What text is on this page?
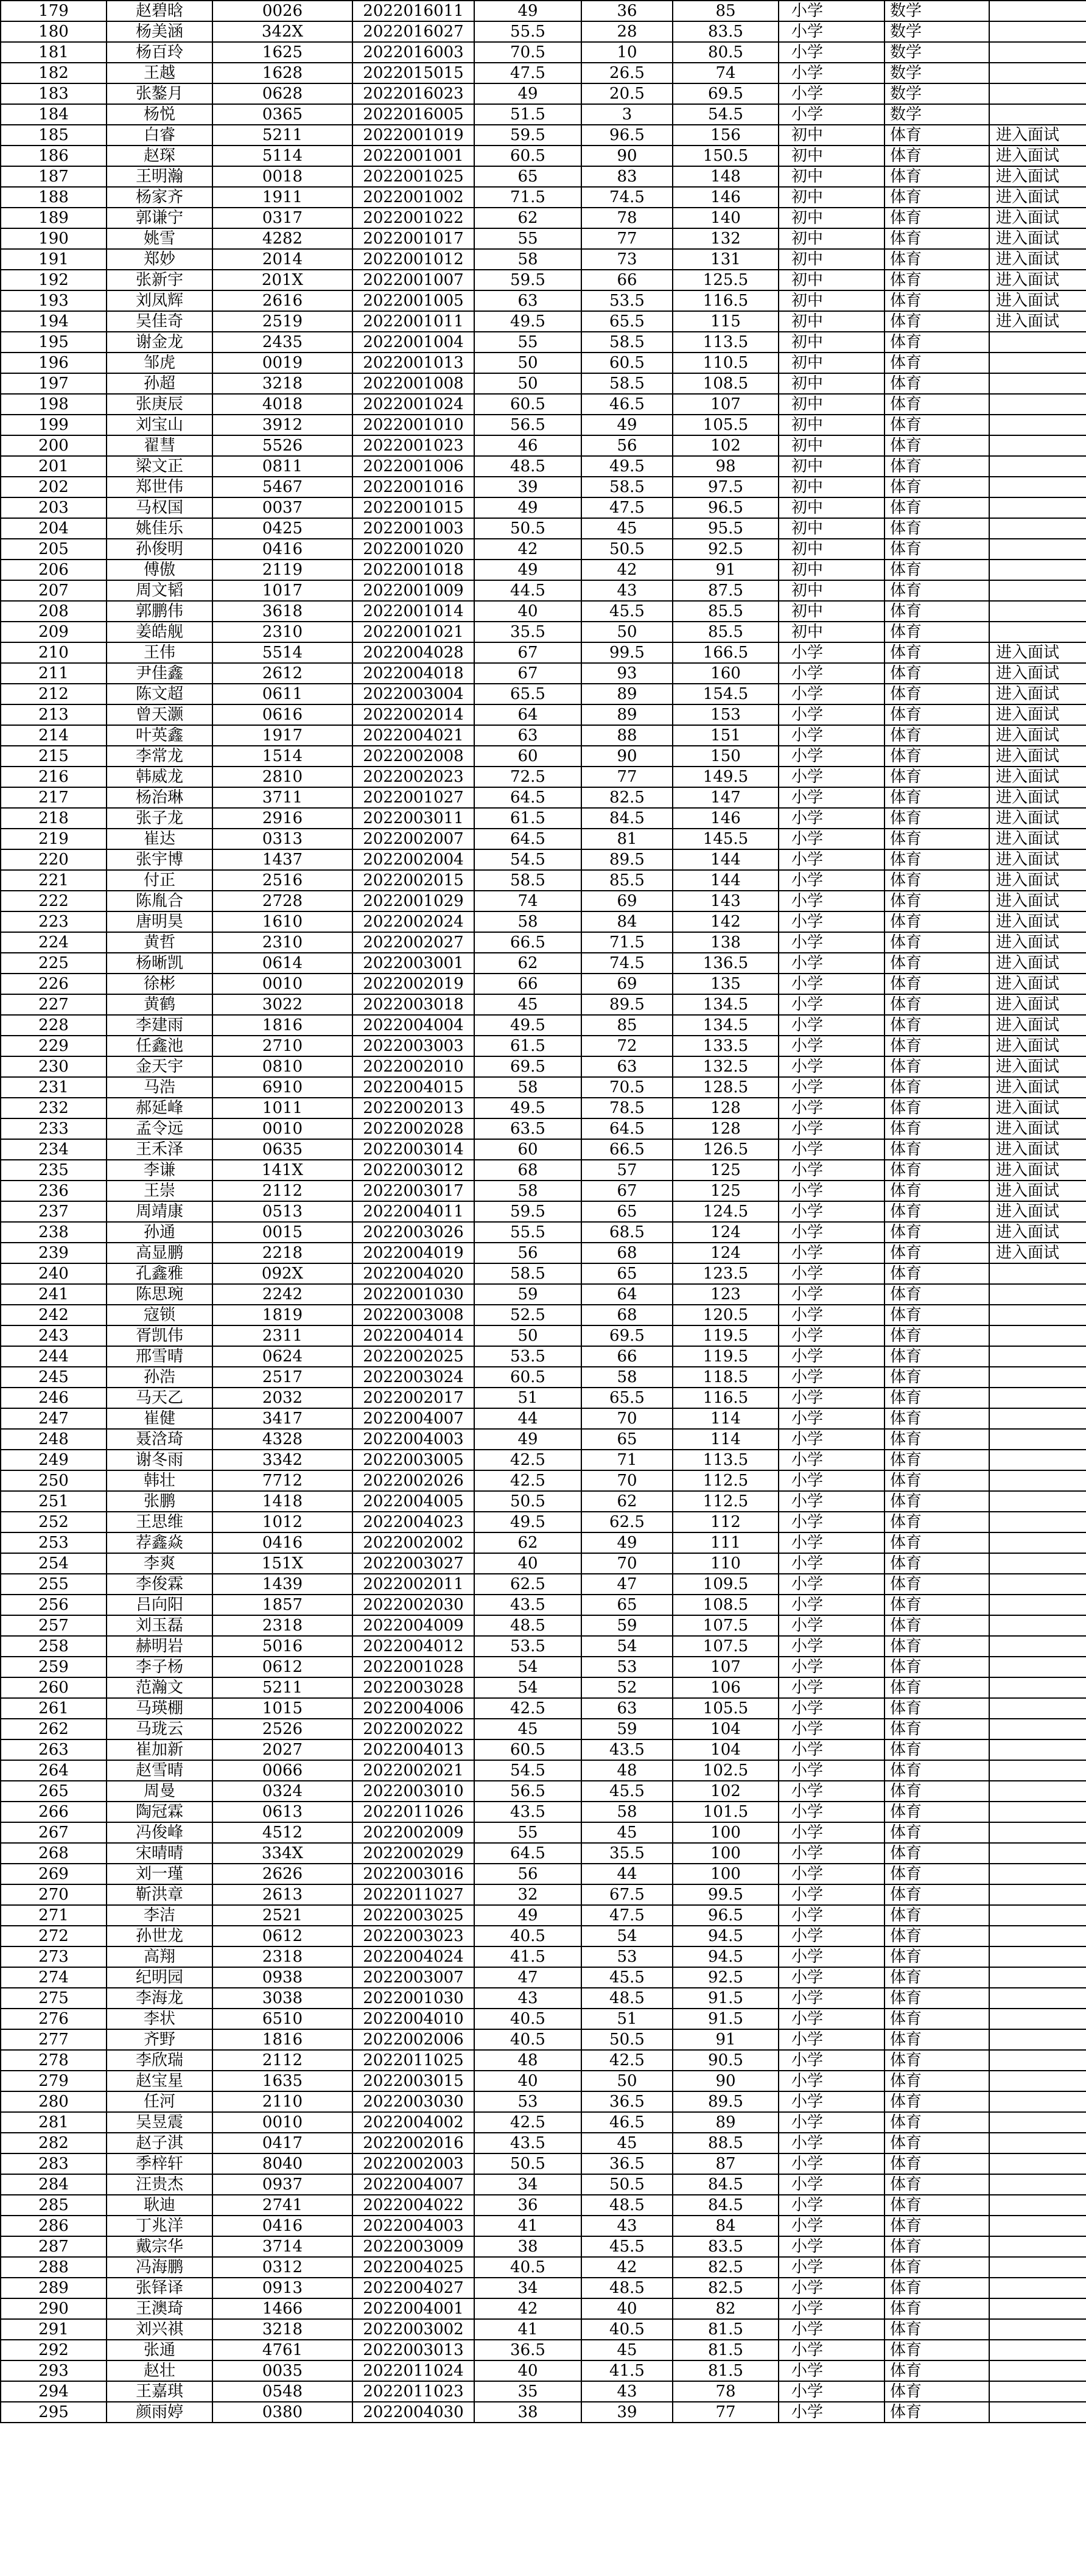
179	赵碧晗	0026	2022016011	49	36	85	小学	数学	
180	杨美涵	342X	2022016027	55.5	28	83.5	小学	数学	
181	杨百玲	1625	2022016003	70.5	10	80.5	小学	数学	
182	王越	1628	2022015015	47.5	26.5	74	小学	数学	
183	张鏊月	0628	2022016023	49	20.5	69.5	小学	数学	
184	杨悦	0365	2022016005	51.5	3	54.5	小学	数学	
185	白睿	5211	2022001019	59.5	96.5	156	初中	体育	进入面试
186	赵琛	5114	2022001001	60.5	90	150.5	初中	体育	进入面试
187	王明瀚	0018	2022001025	65	83	148	初中	体育	进入面试
188	杨家齐	1911	2022001002	71.5	74.5	146	初中	体育	进入面试
189	郭谦宁	0317	2022001022	62	78	140	初中	体育	进入面试
190	姚雪	4282	2022001017	55	77	132	初中	体育	进入面试
191	郑妙	2014	2022001012	58	73	131	初中	体育	进入面试
192	张新宇	201X	2022001007	59.5	66	125.5	初中	体育	进入面试
193	刘凤辉	2616	2022001005	63	53.5	116.5	初中	体育	进入面试
194	吴佳奇	2519	2022001011	49.5	65.5	115	初中	体育	进入面试
195	谢金龙	2435	2022001004	55	58.5	113.5	初中	体育	
196	邹虎	0019	2022001013	50	60.5	110.5	初中	体育	
197	孙超	3218	2022001008	50	58.5	108.5	初中	体育	
198	张庚辰	4018	2022001024	60.5	46.5	107	初中	体育	
199	刘宝山	3912	2022001010	56.5	49	105.5	初中	体育	
200	翟彗	5526	2022001023	46	56	102	初中	体育	
201	梁文正	0811	2022001006	48.5	49.5	98	初中	体育	
202	郑世伟	5467	2022001016	39	58.5	97.5	初中	体育	
203	马权国	0037	2022001015	49	47.5	96.5	初中	体育	
204	姚佳乐	0425	2022001003	50.5	45	95.5	初中	体育	
205	孙俊明	0416	2022001020	42	50.5	92.5	初中	体育	
206	傅傲	2119	2022001018	49	42	91	初中	体育	
207	周文韬	1017	2022001009	44.5	43	87.5	初中	体育	
208	郭鹏伟	3618	2022001014	40	45.5	85.5	初中	体育	
209	姜皓舰	2310	2022001021	35.5	50	85.5	初中	体育	
210	王伟	5514	2022004028	67	99.5	166.5	小学	体育	进入面试
211	尹佳鑫	2612	2022004018	67	93	160	小学	体育	进入面试
212	陈文超	0611	2022003004	65.5	89	154.5	小学	体育	进入面试
213	曾天灏	0616	2022002014	64	89	153	小学	体育	进入面试
214	叶英鑫	1917	2022004021	63	88	151	小学	体育	进入面试
215	李常龙	1514	2022002008	60	90	150	小学	体育	进入面试
216	韩威龙	2810	2022002023	72.5	77	149.5	小学	体育	进入面试
217	杨治琳	3711	2022001027	64.5	82.5	147	小学	体育	进入面试
218	张子龙	2916	2022003011	61.5	84.5	146	小学	体育	进入面试
219	崔达	0313	2022002007	64.5	81	145.5	小学	体育	进入面试
220	张宇博	1437	2022002004	54.5	89.5	144	小学	体育	进入面试
221	付正	2516	2022002015	58.5	85.5	144	小学	体育	进入面试
222	陈胤合	2728	2022001029	74	69	143	小学	体育	进入面试
223	唐明昊	1610	2022002024	58	84	142	小学	体育	进入面试
224	黄哲	2310	2022002027	66.5	71.5	138	小学	体育	进入面试
225	杨晰凯	0614	2022003001	62	74.5	136.5	小学	体育	进入面试
226	徐彬	0010	2022002019	66	69	135	小学	体育	进入面试
227	黄鹤	3022	2022003018	45	89.5	134.5	小学	体育	进入面试
228	李建雨	1816	2022004004	49.5	85	134.5	小学	体育	进入面试
229	任鑫池	2710	2022003003	61.5	72	133.5	小学	体育	进入面试
230	金天宇	0810	2022002010	69.5	63	132.5	小学	体育	进入面试
231	马浩	6910	2022004015	58	70.5	128.5	小学	体育	进入面试
232	郝延峰	1011	2022002013	49.5	78.5	128	小学	体育	进入面试
233	孟令远	0010	2022002028	63.5	64.5	128	小学	体育	进入面试
234	王禾泽	0635	2022003014	60	66.5	126.5	小学	体育	进入面试
235	李谦	141X	2022003012	68	57	125	小学	体育	进入面试
236	王崇	2112	2022003017	58	67	125	小学	体育	进入面试
237	周靖康	0513	2022004011	59.5	65	124.5	小学	体育	进入面试
238	孙通	0015	2022003026	55.5	68.5	124	小学	体育	进入面试
239	高显鹏	2218	2022004019	56	68	124	小学	体育	进入面试
240	孔鑫雅	092X	2022004020	58.5	65	123.5	小学	体育	
241	陈思琬	2242	2022001030	59	64	123	小学	体育	
242	寇锁	1819	2022003008	52.5	68	120.5	小学	体育	
243	胥凯伟	2311	2022004014	50	69.5	119.5	小学	体育	
244	邢雪晴	0624	2022002025	53.5	66	119.5	小学	体育	
245	孙浩	2517	2022003024	60.5	58	118.5	小学	体育	
246	马天乙	2032	2022002017	51	65.5	116.5	小学	体育	
247	崔健	3417	2022004007	44	70	114	小学	体育	
248	聂浛琦	4328	2022004003	49	65	114	小学	体育	
249	谢冬雨	3342	2022003005	42.5	71	113.5	小学	体育	
250	韩壮	7712	2022002026	42.5	70	112.5	小学	体育	
251	张鹏	1418	2022004005	50.5	62	112.5	小学	体育	
252	王思维	1012	2022004023	49.5	62.5	112	小学	体育	
253	荐鑫焱	0416	2022002002	62	49	111	小学	体育	
254	李爽	151X	2022003027	40	70	110	小学	体育	
255	李俊霖	1439	2022002011	62.5	47	109.5	小学	体育	
256	吕向阳	1857	2022002030	43.5	65	108.5	小学	体育	
257	刘玉磊	2318	2022004009	48.5	59	107.5	小学	体育	
258	赫明岩	5016	2022004012	53.5	54	107.5	小学	体育	
259	李子杨	0612	2022001028	54	53	107	小学	体育	
260	范瀚文	5211	2022003028	54	52	106	小学	体育	
261	马瑛棚	1015	2022004006	42.5	63	105.5	小学	体育	
262	马珑云	2526	2022002022	45	59	104	小学	体育	
263	崔加新	2027	2022004013	60.5	43.5	104	小学	体育	
264	赵雪晴	0066	2022002021	54.5	48	102.5	小学	体育	
265	周曼	0324	2022003010	56.5	45.5	102	小学	体育	
266	陶冠霖	0613	2022011026	43.5	58	101.5	小学	体育	
267	冯俊峰	4512	2022002009	55	45	100	小学	体育	
268	宋晴晴	334X	2022002029	64.5	35.5	100	小学	体育	
269	刘一瑾	2626	2022003016	56	44	100	小学	体育	
270	靳洪章	2613	2022011027	32	67.5	99.5	小学	体育	
271	李洁	2521	2022003025	49	47.5	96.5	小学	体育	
272	孙世龙	0612	2022003023	40.5	54	94.5	小学	体育	
273	高翔	2318	2022004024	41.5	53	94.5	小学	体育	
274	纪明园	0938	2022003007	47	45.5	92.5	小学	体育	
275	李海龙	3038	2022001030	43	48.5	91.5	小学	体育	
276	李状	6510	2022004010	40.5	51	91.5	小学	体育	
277	齐野	1816	2022002006	40.5	50.5	91	小学	体育	
278	李欣瑞	2112	2022011025	48	42.5	90.5	小学	体育	
279	赵宝星	1635	2022003015	40	50	90	小学	体育	
280	任河	2110	2022003030	53	36.5	89.5	小学	体育	
281	吴昱震	0010	2022004002	42.5	46.5	89	小学	体育	
282	赵子淇	0417	2022002016	43.5	45	88.5	小学	体育	
283	季梓轩	8040	2022002003	50.5	36.5	87	小学	体育	
284	汪贵杰	0937	2022004007	34	50.5	84.5	小学	体育	
285	耿迪	2741	2022004022	36	48.5	84.5	小学	体育	
286	丁兆洋	0416	2022004003	41	43	84	小学	体育	
287	戴宗华	3714	2022003009	38	45.5	83.5	小学	体育	
288	冯海鹏	0312	2022004025	40.5	42	82.5	小学	体育	
289	张铎译	0913	2022004027	34	48.5	82.5	小学	体育	
290	王澳琦	1466	2022004001	42	40	82	小学	体育	
291	刘兴祺	3218	2022003002	41	40.5	81.5	小学	体育	
292	张通	4761	2022003013	36.5	45	81.5	小学	体育	
293	赵壮	0035	2022011024	40	41.5	81.5	小学	体育	
294	王嘉琪	0548	2022011023	35	43	78	小学	体育	
295	颜雨婷	0380	2022004030	38	39	77	小学	体育	
